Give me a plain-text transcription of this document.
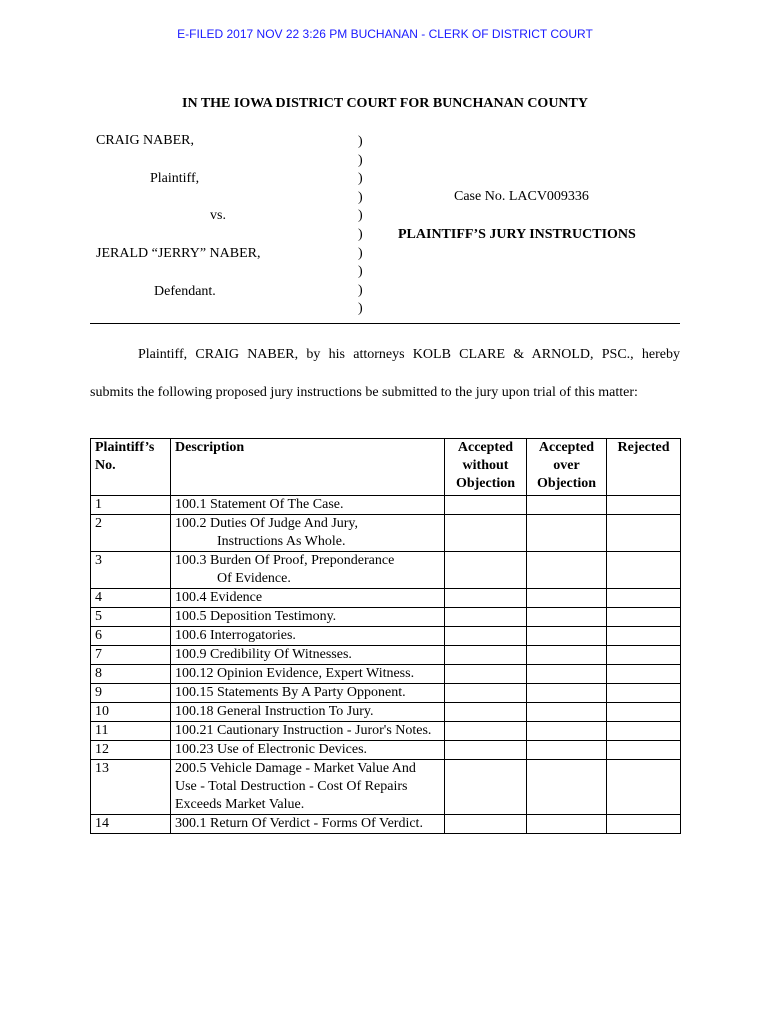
E-FILED 2017 NOV 22 3:26 PM BUCHANAN - CLERK OF DISTRICT COURT
IN THE IOWA DISTRICT COURT FOR BUNCHANAN COUNTY
CRAIG NABER,
Plaintiff,
vs.
JERALD “JERRY” NABER,
Defendant.
)
)
)
)
)
)
)
)
)
)
Case No. LACV009336
PLAINTIFF’S JURY INSTRUCTIONS
Plaintiff, CRAIG NABER, by his attorneys KOLB CLARE & ARNOLD, PSC., hereby
submits the following proposed jury instructions be submitted to the jury upon trial of this matter:
Plaintiff’s No.	Description	Accepted without Objection	Accepted over Objection	Rejected
1	100.1 Statement Of The Case.			
2	100.2 Duties Of Judge And Jury,
Instructions As Whole.			

3	100.3 Burden Of Proof, Preponderance
Of Evidence.			

4	100.4 Evidence			
5	100.5 Deposition Testimony.			
6	100.6 Interrogatories.			
7	100.9 Credibility Of Witnesses.			
8	100.12 Opinion Evidence, Expert Witness.			
9	100.15 Statements By A Party Opponent.			
10	100.18 General Instruction To Jury.			
11	100.21 Cautionary Instruction - Juror's Notes.			
12	100.23 Use of Electronic Devices.			
13	200.5 Vehicle Damage - Market Value And Use - Total Destruction - Cost Of Repairs Exceeds Market Value.			
14	300.1 Return Of Verdict - Forms Of Verdict.			
